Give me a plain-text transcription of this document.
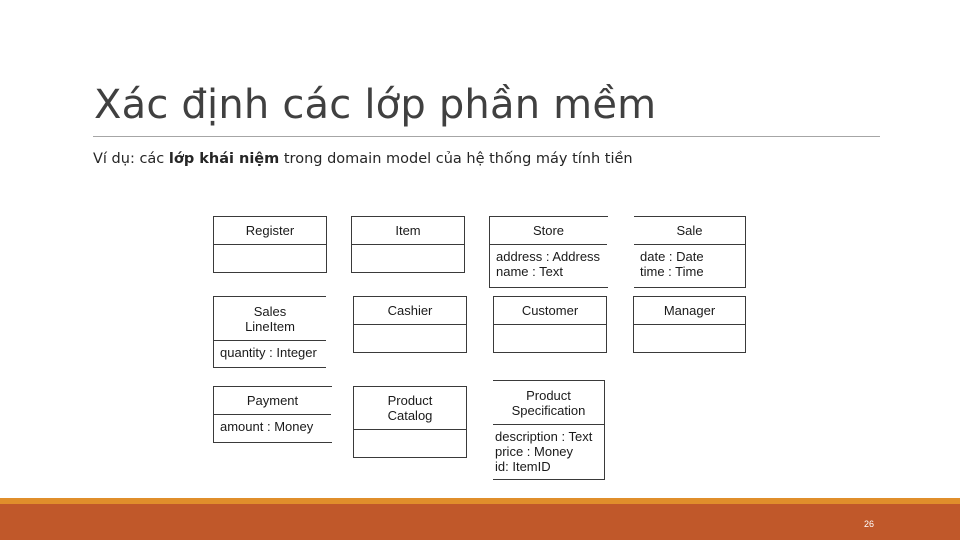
Xác định các lớp phần mềm
Ví dụ: các lớp khái niệm trong domain model của hệ thống máy tính tiền
Register	Item	Store
address : Address
name : Text
Sale
date : Date
time : Time
Sales
LineItem
quantity : Integer
Cashier	Customer	Manager
Payment
amount : Money
Product
Catalog
Product
Specification
description : Text
price : Money
id: ItemID
26
